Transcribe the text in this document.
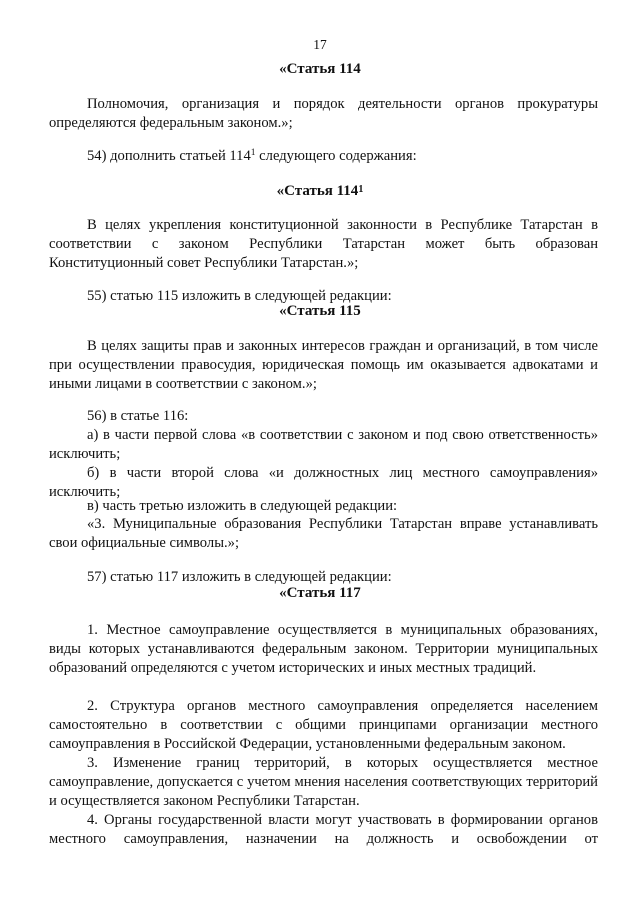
17
«Статья 114
Полномочия, организация и порядок деятельности органов прокуратуры определяются федеральным законом.»;
54) дополнить статьей $114^1$ следующего содержания:
«Статья $114^1$
В целях укрепления конституционной законности в Республике Татарстан в соответствии с законом Республики Татарстан может быть образован Конституционный совет Республики Татарстан.»;
55) статью 115 изложить в следующей редакции:
«Статья 115
В целях защиты прав и законных интересов граждан и организаций, в том числе при осуществлении правосудия, юридическая помощь им оказывается адвокатами и иными лицами в соответствии с законом.»;
56) в статье 116:
а) в части первой слова «в соответствии с законом и под свою ответственность» исключить;
б) в части второй слова «и должностных лиц местного самоуправления» исключить;
в) часть третью изложить в следующей редакции:
«3. Муниципальные образования Республики Татарстан вправе устанавливать свои официальные символы.»;
57) статью 117 изложить в следующей редакции:
«Статья 117
1. Местное самоуправление осуществляется в муниципальных образованиях, виды которых устанавливаются федеральным законом. Территории муниципальных образований определяются с учетом исторических и иных местных традиций.
2. Структура органов местного самоуправления определяется населением самостоятельно в соответствии с общими принципами организации местного самоуправления в Российской Федерации, установленными федеральным законом.
3. Изменение границ территорий, в которых осуществляется местное самоуправление, допускается с учетом мнения населения соответствующих территорий и осуществляется законом Республики Татарстан.
4. Органы государственной власти могут участвовать в формировании органов местного самоуправления, назначении на должность и освобождении от
